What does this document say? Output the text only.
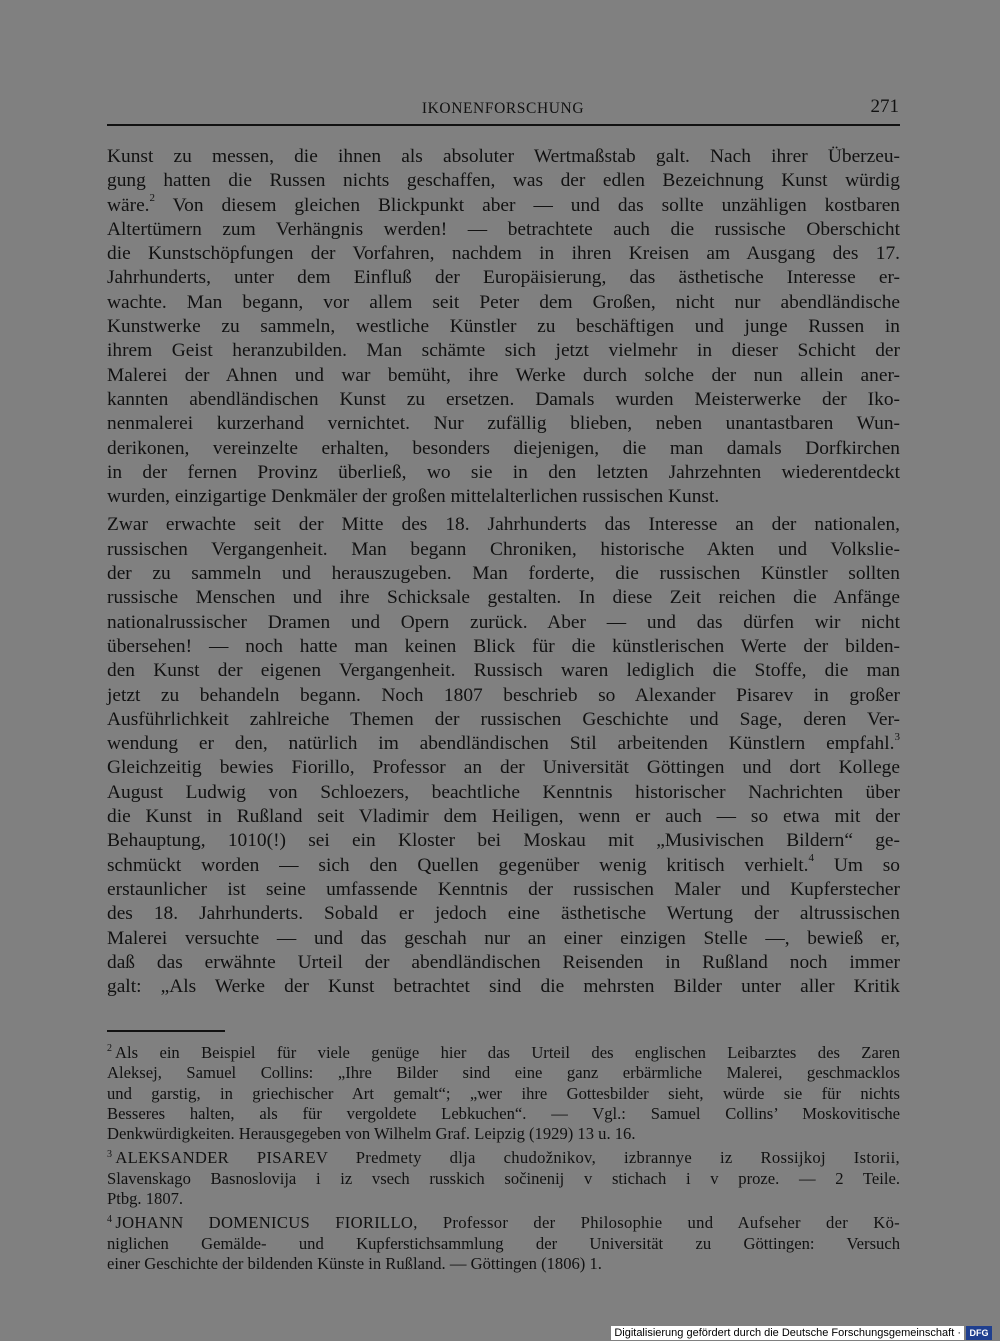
IKONENFORSCHUNG	271

Kunst zu messen, die ihnen als absoluter Wertmaßstab galt. Nach ihrer Überzeu-
gung hatten die Russen nichts geschaffen, was der edlen Bezeichnung Kunst würdig
wäre.$^2$ Von diesem gleichen Blickpunkt aber — und das sollte unzähligen kostbaren
Altertümern zum Verhängnis werden! — betrachtete auch die russische Oberschicht
die Kunstschöpfungen der Vorfahren, nachdem in ihren Kreisen am Ausgang des 17.
Jahrhunderts, unter dem Einfluß der Europäisierung, das ästhetische Interesse er-
wachte. Man begann, vor allem seit Peter dem Großen, nicht nur abendländische
Kunstwerke zu sammeln, westliche Künstler zu beschäftigen und junge Russen in
ihrem Geist heranzubilden. Man schämte sich jetzt vielmehr in dieser Schicht der
Malerei der Ahnen und war bemüht, ihre Werke durch solche der nun allein aner-
kannten abendländischen Kunst zu ersetzen. Damals wurden Meisterwerke der Iko-
nenmalerei kurzerhand vernichtet. Nur zufällig blieben, neben unantastbaren Wun-
derikonen, vereinzelte erhalten, besonders diejenigen, die man damals Dorfkirchen
in der fernen Provinz überließ, wo sie in den letzten Jahrzehnten wiederentdeckt
wurden, einzigartige Denkmäler der großen mittelalterlichen russischen Kunst.

Zwar erwachte seit der Mitte des 18. Jahrhunderts das Interesse an der nationalen,
russischen Vergangenheit. Man begann Chroniken, historische Akten und Volkslie-
der zu sammeln und herauszugeben. Man forderte, die russischen Künstler sollten
russische Menschen und ihre Schicksale gestalten. In diese Zeit reichen die Anfänge
nationalrussischer Dramen und Opern zurück. Aber — und das dürfen wir nicht
übersehen! — noch hatte man keinen Blick für die künstlerischen Werte der bilden-
den Kunst der eigenen Vergangenheit. Russisch waren lediglich die Stoffe, die man
jetzt zu behandeln begann. Noch 1807 beschrieb so Alexander Pisarev in großer
Ausführlichkeit zahlreiche Themen der russischen Geschichte und Sage, deren Ver-
wendung er den, natürlich im abendländischen Stil arbeitenden Künstlern empfahl.$^3$
Gleichzeitig bewies Fiorillo, Professor an der Universität Göttingen und dort Kollege
August Ludwig von Schloezers, beachtliche Kenntnis historischer Nachrichten über
die Kunst in Rußland seit Vladimir dem Heiligen, wenn er auch — so etwa mit der
Behauptung, 1010(!) sei ein Kloster bei Moskau mit „Musivischen Bildern“ ge-
schmückt worden — sich den Quellen gegenüber wenig kritisch verhielt.$^4$ Um so
erstaunlicher ist seine umfassende Kenntnis der russischen Maler und Kupferstecher
des 18. Jahrhunderts. Sobald er jedoch eine ästhetische Wertung der altrussischen
Malerei versuchte — und das geschah nur an einer einzigen Stelle —, bewieß er,
daß das erwähnte Urteil der abendländischen Reisenden in Rußland noch immer
galt: „Als Werke der Kunst betrachtet sind die mehrsten Bilder unter aller Kritik

$^2$ Als ein Beispiel für viele genüge hier das Urteil des englischen Leibarztes des Zaren
Aleksej, Samuel Collins: „Ihre Bilder sind eine ganz erbärmliche Malerei, geschmacklos
und garstig, in griechischer Art gemalt“; „wer ihre Gottesbilder sieht, würde sie für nichts
Besseres halten, als für vergoldete Lebkuchen“. — Vgl.: Samuel Collins’ Moskovitische
Denkwürdigkeiten. Herausgegeben von Wilhelm Graf. Leipzig (1929) 13 u. 16.
$^3$ ALEKSANDER PISAREV Predmety dlja chudožnikov, izbrannye iz Rossijkoj Istorii,
Slavenskago Basnoslovija i iz vsech russkich sočinenij v stichach i v proze. — 2 Teile.
Ptbg. 1807.
$^4$ JOHANN DOMENICUS FIORILLO, Professor der Philosophie und Aufseher der Kö-
niglichen Gemälde- und Kupferstichsammlung der Universität zu Göttingen: Versuch
einer Geschichte der bildenden Künste in Rußland. — Göttingen (1806) 1.
Digitalisierung gefördert durch die Deutsche Forschungsgemeinschaft · DFG
